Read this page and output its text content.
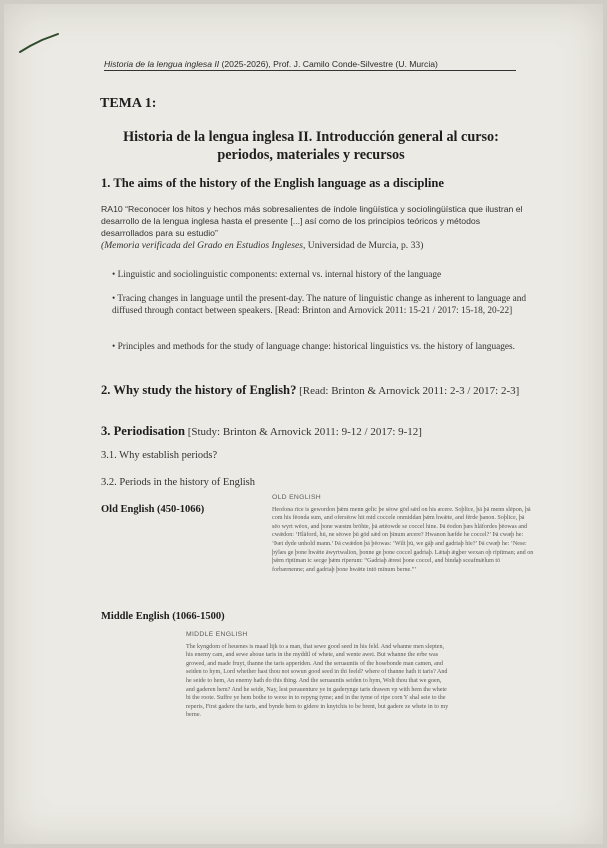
Historia de la lengua inglesa II (2025-2026), Prof. J. Camilo Conde-Silvestre (U. Murcia)
TEMA 1:
Historia de la lengua inglesa II. Introducción general al curso: periodos, materiales y recursos
1. The aims of the history of the English language as a discipline
RA10 “Reconocer los hitos y hechos más sobresalientes de índole lingüística y sociolingüística que ilustran el desarrollo de la lengua inglesa hasta el presente [...] así como de los principios teóricos y métodos desarrollados para su estudio”
(Memoria verificada del Grado en Estudios Ingleses, Universidad de Murcia, p. 33)
• Linguistic and sociolinguistic components: external vs. internal history of the language
• Tracing changes in language until the present-day. The nature of linguistic change as inherent to language and diffused through contact between speakers. [Read: Brinton and Arnovick 2011: 15-21 / 2017: 15-18, 20-22]
• Principles and methods for the study of language change: historical linguistics vs. the history of languages.
2. Why study the history of English? [Read: Brinton & Arnovick 2011: 2-3 / 2017: 2-3]
3. Periodisation [Study: Brinton & Arnovick 2011: 9-12 / 2017: 9-12]
3.1. Why establish periods?
3.2. Periods in the history of English
Old English (450-1066)
OLD ENGLISH
Heofona rīce is gewordon þǣm menn gelīc þe sēow gōd sǣd on his æcere. Soþlīce, þā þā menn slēpon, þā com his fēonda sum, and ofersēow hit mid coccele onmiddan þǣm hwǣte, and fērde þanon. Soþlīce, þā sēo wyrt wēox, and þone wæstm brōhte, þā ætēowde se coccel hine. Þā ēodon þæs hlāfordes þēowas and cwǣdon: ‘Hlāford, hū, ne sēowe þū gōd sǣd on þīnum æcere? Hwanon hæfde he coccel?’ Þā cwæþ he: ‘Þæt dyde unhold mann.’ Þā cwǣdon þā þēowas: ‘Wilt þū, we gāþ and gadriaþ hīe?’ Þā cwæþ he: ‘Nese: þȳlæs ge þone hwǣte āwyrtwalion, þonne ge þone coccel gadriaþ. Lǣtaþ ǣgþer wexan oþ rīptīman; and on þǣm rīptīman ic secge þǣm rīperum: “Gadriaþ ǣrest þone coccel, and bindaþ sceafmǣlum tō forbærnenne; and gadriaþ þone hwǣte intō mīnum berne.”’
Middle English (1066-1500)
MIDDLE ENGLISH
The kyngdom of heuenes is maad lijk to a man, that sewe good seed in his feld. And whanne men slepten, his enemy cam, and sewe aboue taris in the myddil of whete, and wente awei. But whanne the erbe was growed, and made fruyt, thanne the taris apperiden. And the seruauntis of the hosebonde man camen, and seiden to hym, Lord whether hast thou not sowun good seed in thi feeld? where of thanne hath it taris? And he seide to hem, An enemy hath do this thing. And the seruauntis seiden to hym, Wolt thou that we goen, and gaderen hem? And he seide, Nay, lest perauenture ye in gaderynge taris drawen vp with hem the whete bi the roote. Suffre ye hem bothe to wexe in to repyng tyme; and in the tyme of ripe corn Y shal seie to the reperis, First gadere the taris, and bynde hem to gidere in knytchis to be brent, but gadere ze whete in to my berne.
